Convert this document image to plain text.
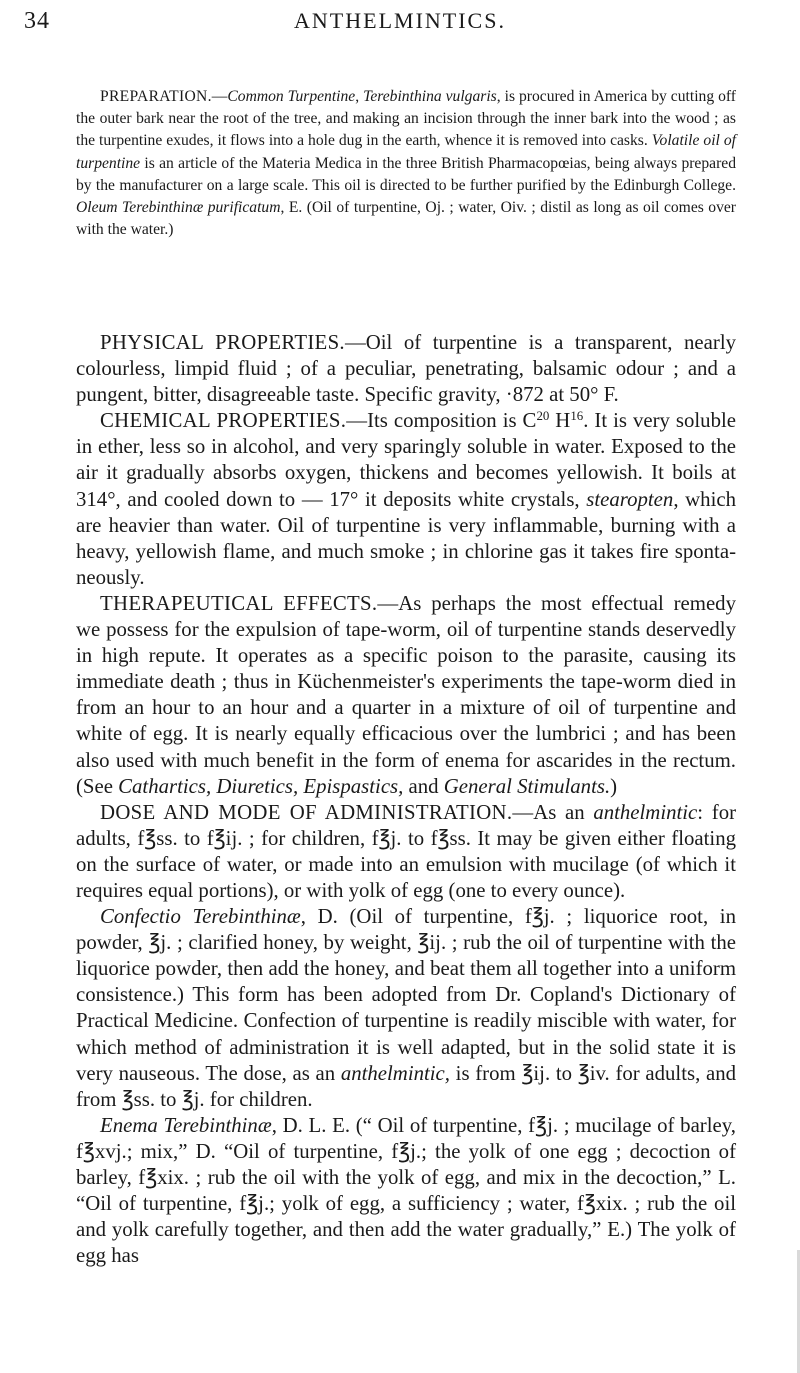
34	ANTHELMINTICS.

PREPARATION.—Common Turpentine, Terebinthina vulgaris, is procured in America by cutting off the outer bark near the root of the tree, and making an incision through the inner bark into the wood ; as the turpentine exudes, it flows into a hole dug in the earth, whence it is removed into casks. Volatile oil of turpentine is an article of the Materia Medica in the three British Pharmacopœias, being always prepared by the manufacturer on a large scale. This oil is directed to be further purified by the Edinburgh College. Oleum Terebinthinæ purificatum, E. (Oil of turpentine, Oj. ; water, Oiv. ; distil as long as oil comes over with the water.)

PHYSICAL PROPERTIES.—Oil of turpentine is a transparent, nearly colourless, limpid fluid ; of a peculiar, penetrating, balsamic odour ; and a pungent, bitter, disagreeable taste. Specific gravity, ·872 at 50° F.

CHEMICAL PROPERTIES.—Its composition is $C^{20}$ $H^{16}$. It is very soluble in ether, less so in alcohol, and very sparingly soluble in water. Exposed to the air it gradually absorbs oxygen, thickens and becomes yellowish. It boils at 314°, and cooled down to — 17° it deposits white crystals, stearopten, which are heavier than water. Oil of turpentine is very inflammable, burning with a heavy, yellowish flame, and much smoke ; in chlorine gas it takes fire spontaneously.

THERAPEUTICAL EFFECTS.—As perhaps the most effectual remedy we possess for the expulsion of tape-worm, oil of turpentine stands deservedly in high repute. It operates as a specific poison to the parasite, causing its immediate death ; thus in Küchenmeister's experiments the tape-worm died in from an hour to an hour and a quarter in a mixture of oil of turpentine and white of egg. It is nearly equally efficacious over the lumbrici ; and has been also used with much benefit in the form of enema for ascarides in the rectum. (See Cathartics, Diuretics, Epispastics, and General Stimulants.)

DOSE AND MODE OF ADMINISTRATION.—As an anthelmintic: for adults, f℥ss. to f℥ij. ; for children, f℥j. to f℥ss. It may be given either floating on the surface of water, or made into an emulsion with mucilage (of which it requires equal portions), or with yolk of egg (one to every ounce).

Confectio Terebinthinæ, D. (Oil of turpentine, f℥j. ; liquorice root, in powder, ℥j. ; clarified honey, by weight, ℥ij. ; rub the oil of turpentine with the liquorice powder, then add the honey, and beat them all together into a uniform consistence.) This form has been adopted from Dr. Copland's Dictionary of Practical Medicine. Confection of turpentine is readily miscible with water, for which method of administration it is well adapted, but in the solid state it is very nauseous. The dose, as an anthelmintic, is from ℥ij. to ℥iv. for adults, and from ℥ss. to ℥j. for children.

Enema Terebinthinæ, D. L. E. (“ Oil of turpentine, f℥j. ; mucilage of barley, f℥xvj.; mix,” D. “Oil of turpentine, f℥j.; the yolk of one egg ; decoction of barley, f℥xix. ; rub the oil with the yolk of egg, and mix in the decoction,” L. “Oil of turpentine, f℥j.; yolk of egg, a sufficiency ; water, f℥xix. ; rub the oil and yolk carefully together, and then add the water gradually,” E.) The yolk of egg has
